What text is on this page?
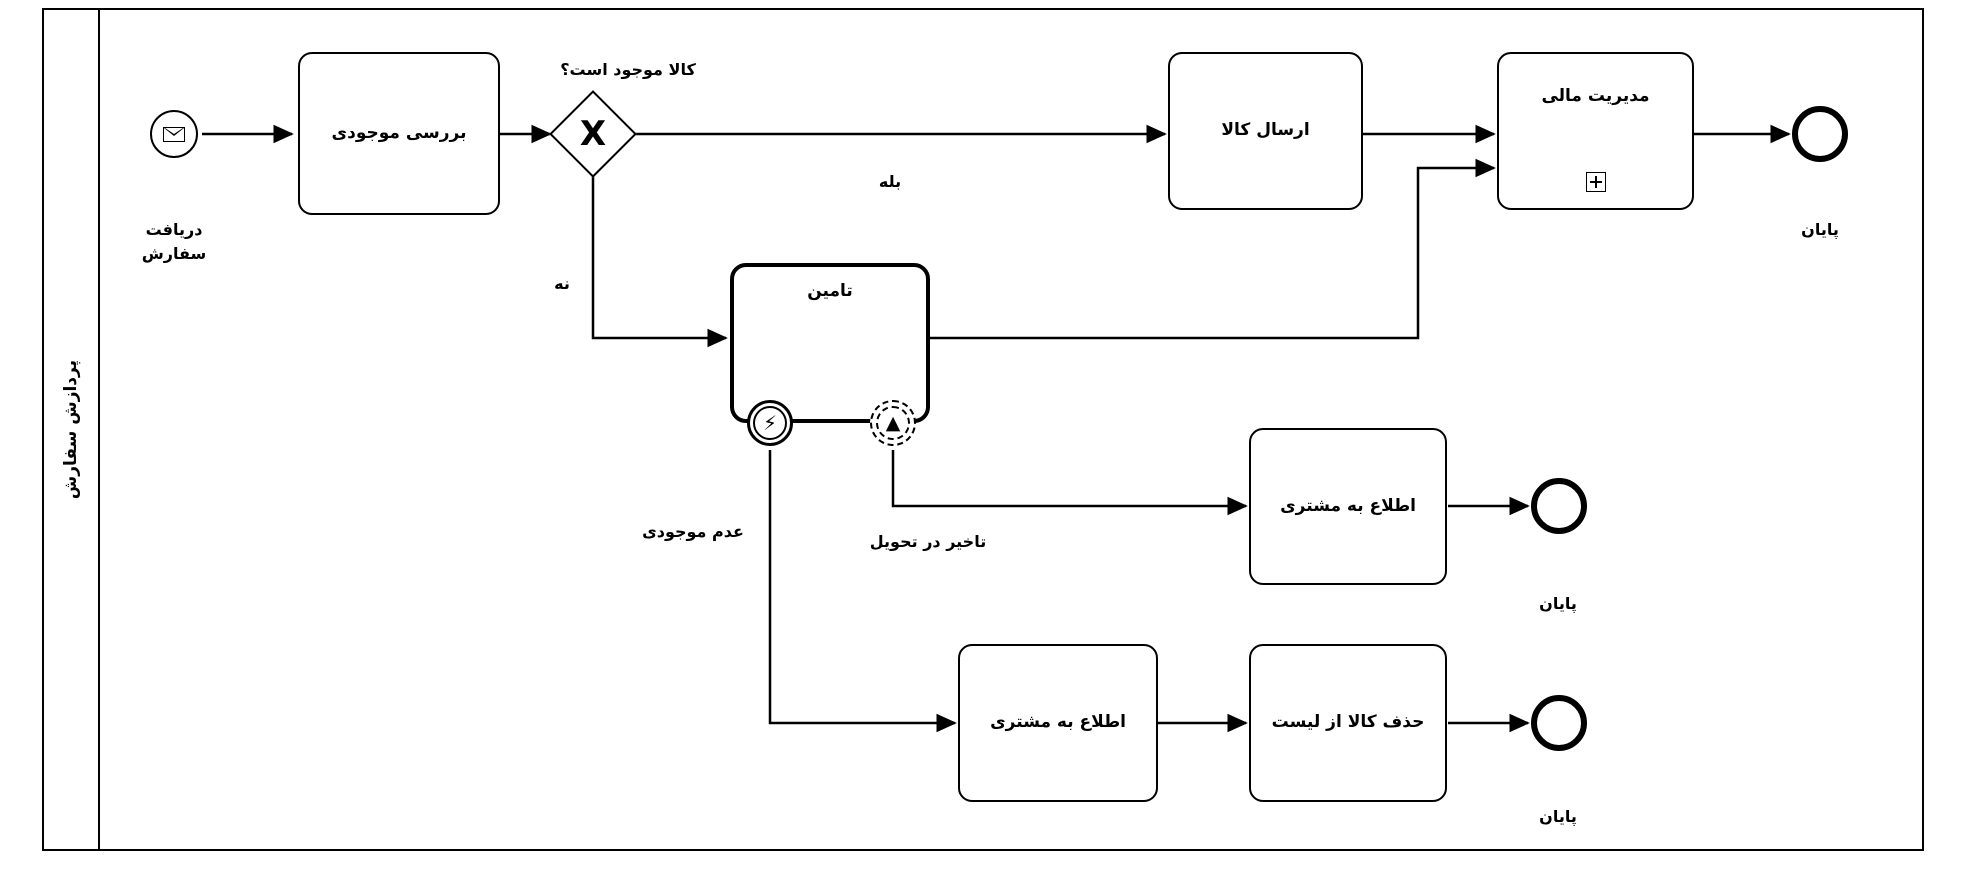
پردازش سفارش
دریافت سفارش
بررسی موجودی	X
کالا موجود است؟
بله
نه
ارسال کالا
مدیریت مالی
پایان
تامین
⚡
عدم موجودی
▲
تاخیر در تحویل
اطلاع به مشتری
پایان
اطلاع به مشتری	حذف کالا از لیست
پایان
